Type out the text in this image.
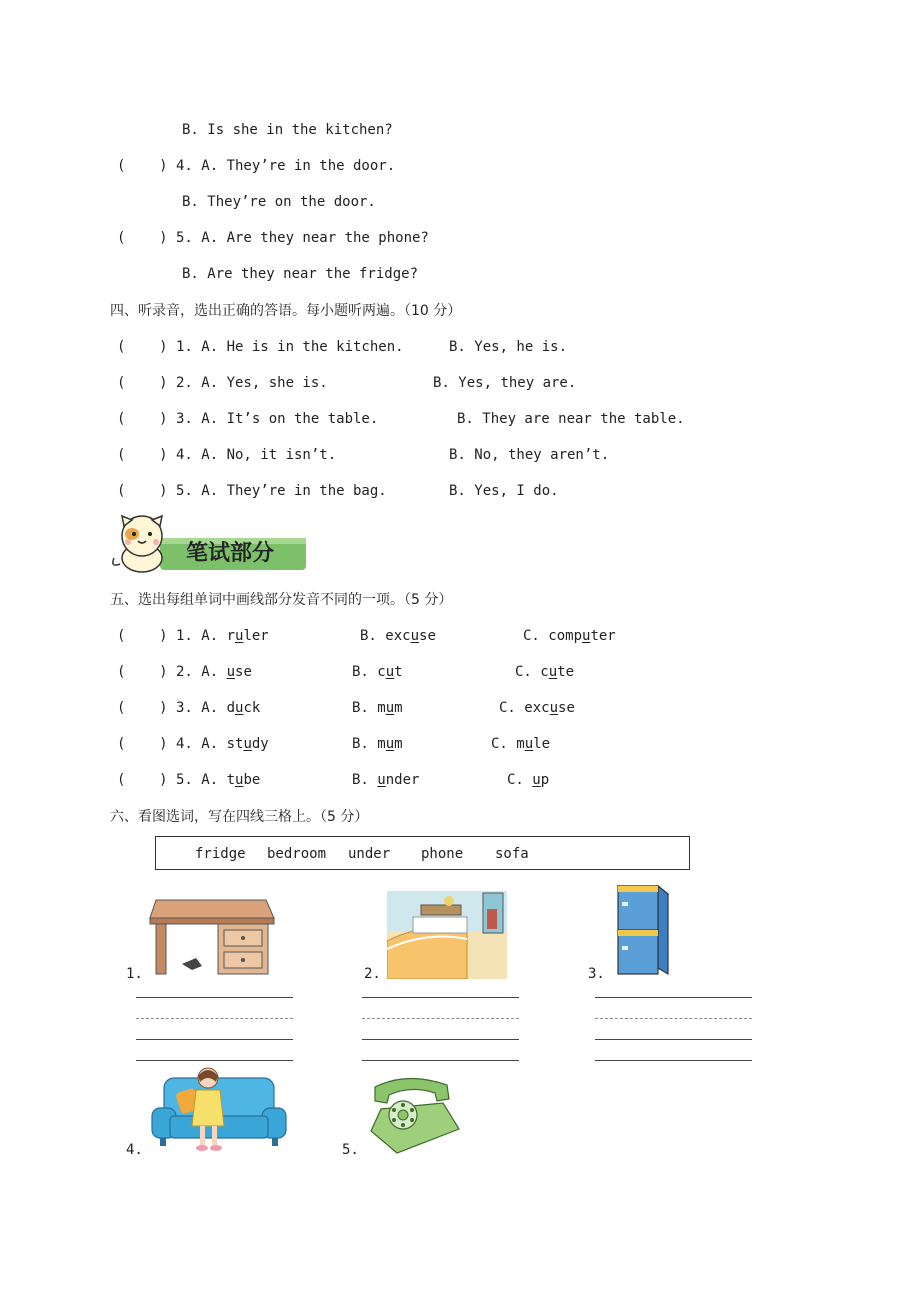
B. Is she in the kitchen?
(    ) 4. A. They’re in the door.
B. They’re on the door.
(    ) 5. A. Are they near the phone?
B. Are they near the fridge?
四、听录音，选出正确的答语。每小题听两遍。（10 分）
(    ) 1. A. He is in the kitchen.	B. Yes, he is.
(    ) 2. A. Yes, she is.	B. Yes, they are.
(    ) 3. A. It’s on the table.	B. They are near the table.
(    ) 4. A. No, it isn’t.	B. No, they aren’t.
(    ) 5. A. They’re in the bag.	B. Yes, I do.
笔试部分
五、选出每组单词中画线部分发音不同的一项。（5 分）
(    ) 1. A. ruler	B. excuse	C. computer
(    ) 2. A. use	B. cut	C. cute
(    ) 3. A. duck	B. mum	C. excuse
(    ) 4. A. study	B. mum	C. mule
(    ) 5. A. tube	B. under	C. up
六、看图选词，写在四线三格上。（5 分）
fridge bedroom under phone sofa
1.	2.	3.
4.	5.
